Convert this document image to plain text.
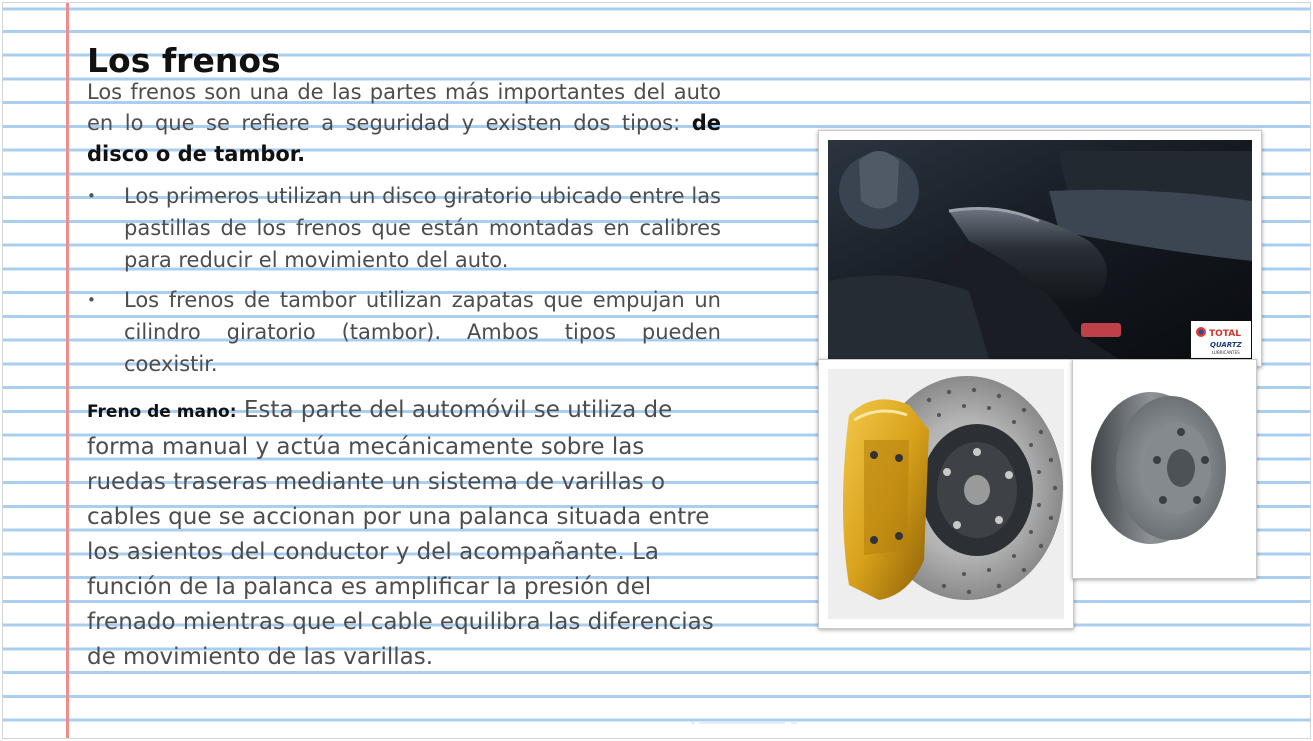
Los frenos

Los frenos son una de las partes más importantes del auto en lo que se refiere a seguridad y existen dos tipos: de disco o de tambor.

• Los primeros utilizan un disco giratorio ubicado entre las pastillas de los frenos que están montadas en calibres para reducir el movimiento del auto.
• Los frenos de tambor utilizan zapatas que empujan un cilindro giratorio (tambor). Ambos tipos pueden coexistir.
Freno de mano: Esta parte del automóvil se utiliza de forma manual y actúa mecánicamente sobre las ruedas traseras mediante un sistema de varillas o cables que se accionan por una palanca situada entre los asientos del conductor y del acompañante. La función de la palanca es amplificar la presión del frenado mientras que el cable equilibra las diferencias de movimiento de las varillas.
TOTAL
QUARTZ
LUBRICANTES
